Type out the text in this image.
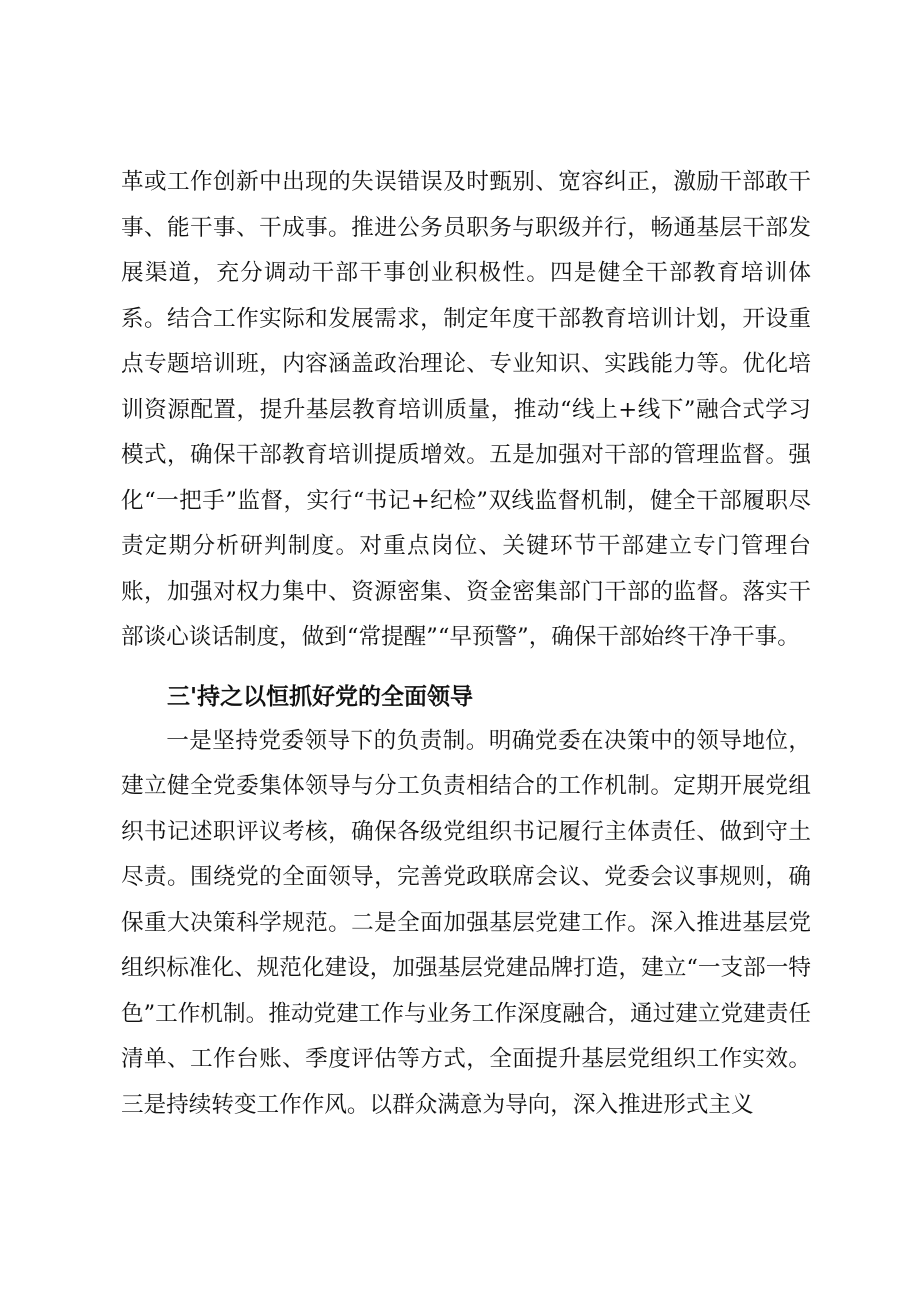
革或工作创新中出现的失误错误及时甄别、宽容纠正，激励干部敢干事、能干事、干成事。推进公务员职务与职级并行，畅通基层干部发展渠道，充分调动干部干事创业积极性。四是健全干部教育培训体系。结合工作实际和发展需求，制定年度干部教育培训计划，开设重点专题培训班，内容涵盖政治理论、专业知识、实践能力等。优化培训资源配置，提升基层教育培训质量，推动“线上+线下”融合式学习模式，确保干部教育培训提质增效。五是加强对干部的管理监督。强化“一把手”监督，实行“书记+纪检”双线监督机制，健全干部履职尽责定期分析研判制度。对重点岗位、关键环节干部建立专门管理台账，加强对权力集中、资源密集、资金密集部门干部的监督。落实干部谈心谈话制度，做到“常提醒”“早预警”，确保干部始终干净干事。

三'持之以恒抓好党的全面领导

一是坚持党委领导下的负责制。明确党委在决策中的领导地位，建立健全党委集体领导与分工负责相结合的工作机制。定期开展党组织书记述职评议考核，确保各级党组织书记履行主体责任、做到守土尽责。围绕党的全面领导，完善党政联席会议、党委会议事规则，确保重大决策科学规范。二是全面加强基层党建工作。深入推进基层党组织标准化、规范化建设，加强基层党建品牌打造，建立“一支部一特色”工作机制。推动党建工作与业务工作深度融合，通过建立党建责任清单、工作台账、季度评估等方式，全面提升基层党组织工作实效。三是持续转变工作作风。以群众满意为导向，深入推进形式主义
